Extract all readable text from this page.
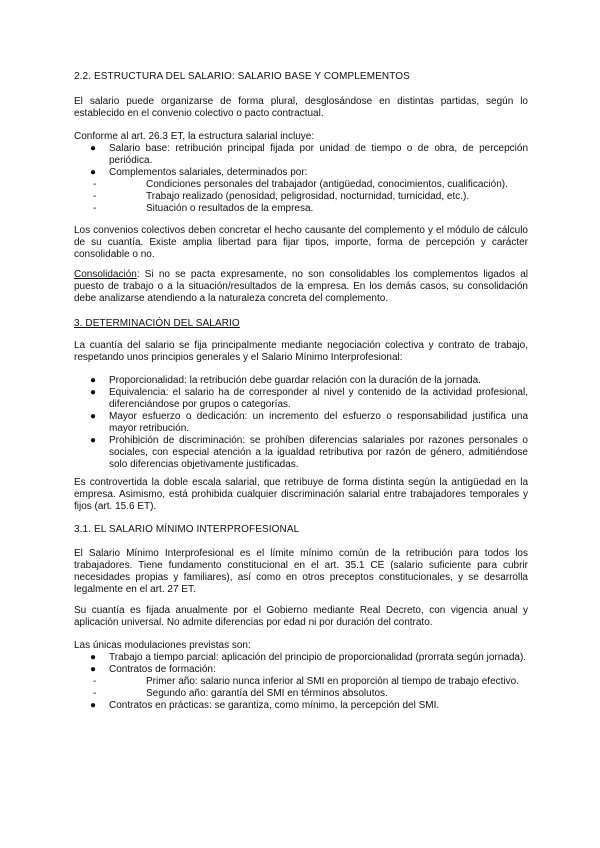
2.2. ESTRUCTURA DEL SALARIO: SALARIO BASE Y COMPLEMENTOS
El salario puede organizarse de forma plural, desglosándose en distintas partidas, según lo establecido en el convenio colectivo o pacto contractual.
Conforme al art. 26.3 ET, la estructura salarial incluye:
● Salario base: retribución principal fijada por unidad de tiempo o de obra, de percepción periódica.
● Complementos salariales, determinados por:
-	Condiciones personales del trabajador (antigüedad, conocimientos, cualificación).
-	Trabajo realizado (penosidad, peligrosidad, nocturnidad, turnicidad, etc.).
-	Situación o resultados de la empresa.
Los convenios colectivos deben concretar el hecho causante del complemento y el módulo de cálculo de su cuantía. Existe amplia libertad para fijar tipos, importe, forma de percepción y carácter consolidable o no.
Consolidación: Si no se pacta expresamente, no son consolidables los complementos ligados al puesto de trabajo o a la situación/resultados de la empresa. En los demás casos, su consolidación debe analizarse atendiendo a la naturaleza concreta del complemento.
3. DETERMINACIÓN DEL SALARIO
La cuantía del salario se fija principalmente mediante negociación colectiva y contrato de trabajo, respetando unos principios generales y el Salario Mínimo Interprofesional:
● Proporcionalidad: la retribución debe guardar relación con la duración de la jornada.
● Equivalencia: el salario ha de corresponder al nivel y contenido de la actividad profesional, diferenciándose por grupos o categorías.
● Mayor esfuerzo o dedicación: un incremento del esfuerzo o responsabilidad justifica una mayor retribución.
● Prohibición de discriminación: se prohíben diferencias salariales por razones personales o sociales, con especial atención a la igualdad retributiva por razón de género, admitiéndose solo diferencias objetivamente justificadas.
Es controvertida la doble escala salarial, que retribuye de forma distinta según la antigüedad en la empresa. Asimismo, está prohibida cualquier discriminación salarial entre trabajadores temporales y fijos (art. 15.6 ET).
3.1. EL SALARIO MÍNIMO INTERPROFESIONAL
El Salario Mínimo Interprofesional es el límite mínimo común de la retribución para todos los trabajadores. Tiene fundamento constitucional en el art. 35.1 CE (salario suficiente para cubrir necesidades propias y familiares), así como en otros preceptos constitucionales, y se desarrolla legalmente en el art. 27 ET.
Su cuantía es fijada anualmente por el Gobierno mediante Real Decreto, con vigencia anual y aplicación universal. No admite diferencias por edad ni por duración del contrato.
Las únicas modulaciones previstas son:
● Trabajo a tiempo parcial: aplicación del principio de proporcionalidad (prorrata según jornada).
● Contratos de formación:
-	Primer año: salario nunca inferior al SMI en proporción al tiempo de trabajo efectivo.
-	Segundo año: garantía del SMI en términos absolutos.
● Contratos en prácticas: se garantiza, como mínimo, la percepción del SMI.
